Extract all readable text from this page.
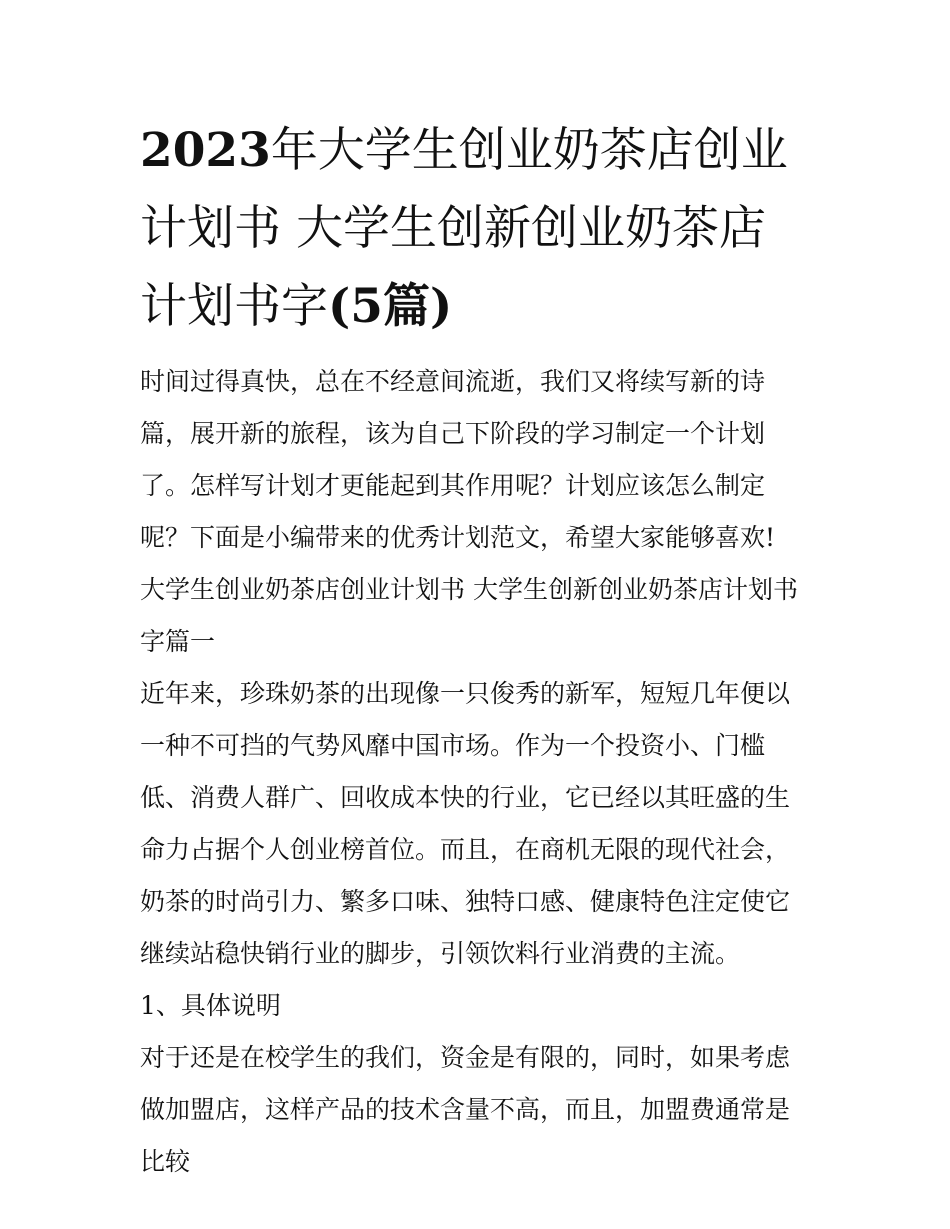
2023年大学生创业奶茶店创业计划书 大学生创新创业奶茶店计划书字(5篇)

时间过得真快，总在不经意间流逝，我们又将续写新的诗篇，展开新的旅程，该为自己下阶段的学习制定一个计划了。怎样写计划才更能起到其作用呢？计划应该怎么制定呢？下面是小编带来的优秀计划范文，希望大家能够喜欢!

大学生创业奶茶店创业计划书 大学生创新创业奶茶店计划书字篇一

近年来，珍珠奶茶的出现像一只俊秀的新军，短短几年便以一种不可挡的气势风靡中国市场。作为一个投资小、门槛低、消费人群广、回收成本快的行业，它已经以其旺盛的生命力占据个人创业榜首位。而且，在商机无限的现代社会，奶茶的时尚引力、繁多口味、独特口感、健康特色注定使它继续站稳快销行业的脚步，引领饮料行业消费的主流。

1、具体说明

对于还是在校学生的我们，资金是有限的，同时，如果考虑做加盟店，这样产品的技术含量不高，而且，加盟费通常是比较
